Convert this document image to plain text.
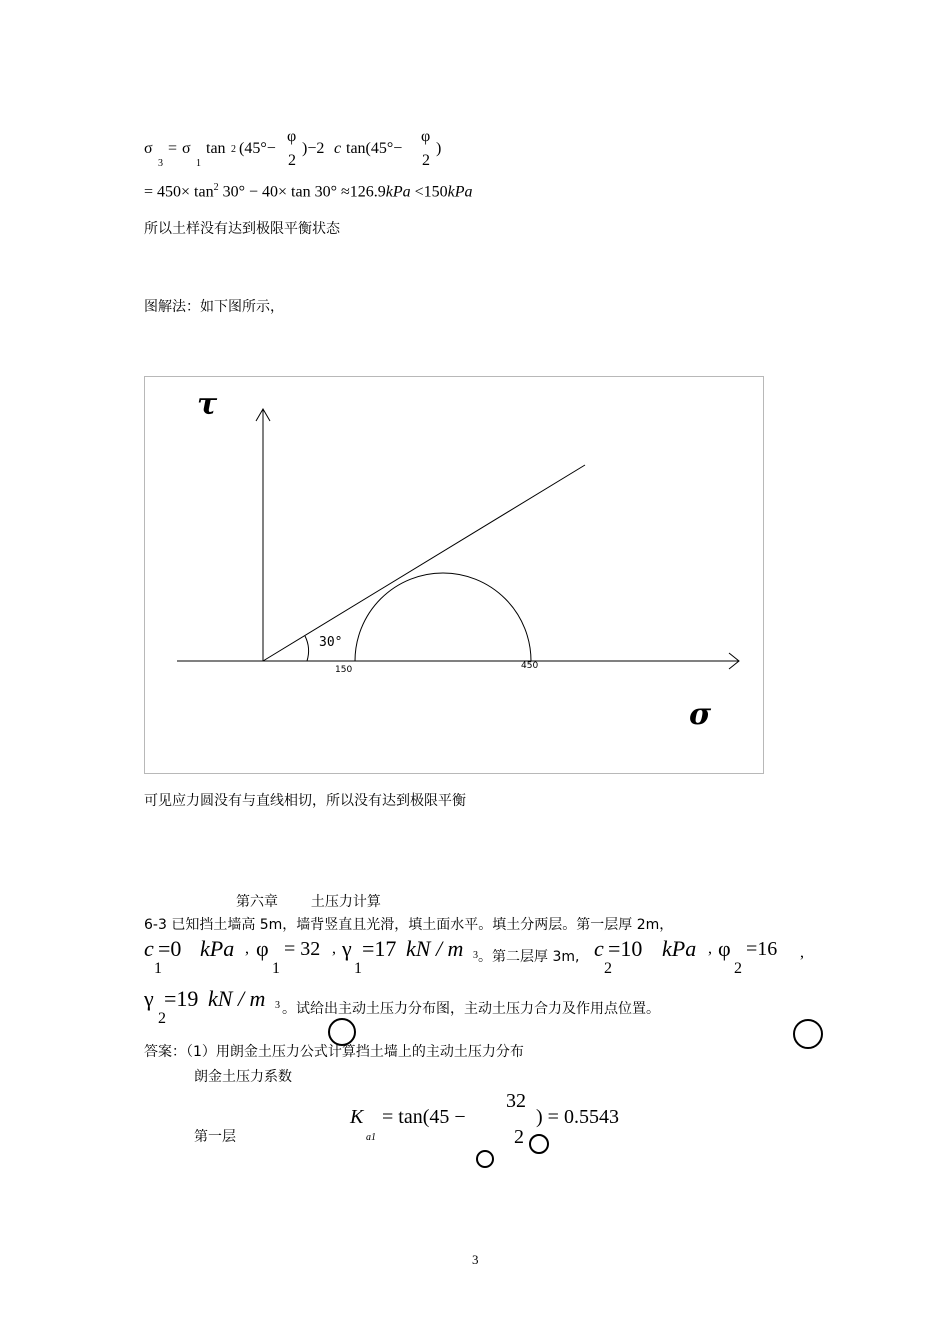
σ
3
= σ
1
tan 2 (45°−
φ
2
)−2 c tan(45°−
φ
2
)
= $450\times \tan^2 30^\circ - 40\times \tan 30^\circ \approx 126.9kPa <150kPa$
所以土样没有达到极限平衡状态
图解法：如下图所示，
τ
σ
30°
150	450
可见应力圆没有与直线相切，所以没有达到极限平衡
第六章 土压力计算
6-3 已知挡土墙高 5m，墙背竖直且光滑，填土面水平。填土分两层。第一层厚 2m，
c
1
=0 kPa , φ
1
= 32 , γ
1
=17 kN / m 3 。第二层厚 3m, c
2
=10 kPa , φ
2
=16 ,
γ
2
=19 kN / m 3 。试给出主动土压力分布图，主动土压力合力及作用点位置。
答案：（1）用朗金土压力公式计算挡土墙上的主动土压力分布
朗金土压力系数
第一层
K
a1
= tan(45 −
32
2
) = 0.5543
3
